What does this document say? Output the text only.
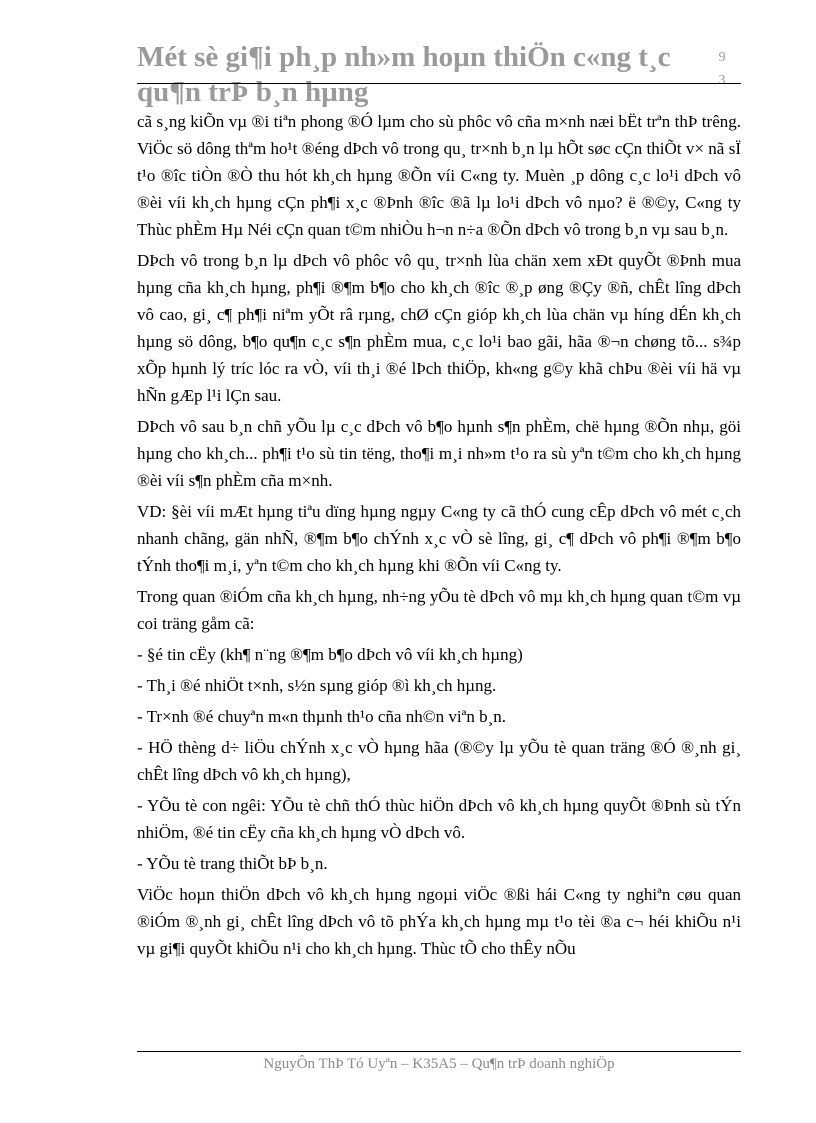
Mét sè gi¶i ph¸p nh»m hoµn thiÖn c«ng t¸c qu¶n trÞ b¸n hµng
9
3

cã s¸ng kiÕn vµ ®i tiªn phong ®Ó lµm cho sù phôc vô cña m×nh næi bËt trªn thÞ trêng. ViÖc sö dông thªm ho¹t ®éng dÞch vô trong qu¸ tr×nh b¸n lµ hÕt søc cÇn thiÕt v× nã sÏ t¹o ®îc tiÒn ®Ò thu hót kh¸ch hµng ®Õn víi C«ng ty. Muèn ¸p dông c¸c lo¹i dÞch vô ®èi víi kh¸ch hµng cÇn ph¶i x¸c ®Þnh ®îc ®ã lµ lo¹i dÞch vô nµo? ë ®©y, C«ng ty Thùc phÈm Hµ Néi cÇn quan t©m nhiÒu h¬n n÷a ®Õn dÞch vô trong b¸n vµ sau b¸n.

DÞch vô trong b¸n lµ dÞch vô phôc vô qu¸ tr×nh lùa chän xem xÐt quyÕt ®Þnh mua hµng cña kh¸ch hµng, ph¶i ®¶m b¶o cho kh¸ch ®îc ®¸p øng ®Çy ®ñ, chÊt lîng dÞch vô cao, gi¸ c¶ ph¶i niªm yÕt râ rµng, chØ cÇn gióp kh¸ch lùa chän vµ híng dÉn kh¸ch hµng sö dông, b¶o qu¶n c¸c s¶n phÈm mua, c¸c lo¹i bao gãi, hãa ®¬n chøng tõ... s¾p xÕp hµnh lý tríc lóc ra vÒ, víi th¸i ®é lÞch thiÖp, kh«ng g©y khã chÞu ®èi víi hä vµ hÑn gÆp l¹i lÇn sau.

DÞch vô sau b¸n chñ yÕu lµ c¸c dÞch vô b¶o hµnh s¶n phÈm, chë hµng ®Õn nhµ, göi hµng cho kh¸ch... ph¶i t¹o sù tin tëng, tho¶i m¸i nh»m t¹o ra sù yªn t©m cho kh¸ch hµng ®èi víi s¶n phÈm cña m×nh.

VD: §èi víi mÆt hµng tiªu dïng hµng ngµy C«ng ty cã thÓ cung cÊp dÞch vô mét c¸ch nhanh chãng, gän nhÑ, ®¶m b¶o chÝnh x¸c vÒ sè lîng, gi¸ c¶ dÞch vô ph¶i ®¶m b¶o tÝnh tho¶i m¸i, yªn t©m cho kh¸ch hµng khi ®Õn víi C«ng ty.

Trong quan ®iÓm cña kh¸ch hµng, nh÷ng yÕu tè dÞch vô mµ kh¸ch hµng quan t©m vµ coi träng gåm cã:

- §é tin cËy (kh¶ n¨ng ®¶m b¶o dÞch vô víi kh¸ch hµng)

- Th¸i ®é nhiÖt t×nh, s½n sµng gióp ®ì kh¸ch hµng.

- Tr×nh ®é chuyªn m«n thµnh th¹o cña nh©n viªn b¸n.

- HÖ thèng d÷ liÖu chÝnh x¸c vÒ hµng hãa (®©y lµ yÕu tè quan träng ®Ó ®¸nh gi¸ chÊt lîng dÞch vô kh¸ch hµng),

- YÕu tè con ngêi: YÕu tè chñ thÓ thùc hiÖn dÞch vô kh¸ch hµng quyÕt ®Þnh sù tÝn nhiÖm, ®é tin cËy cña kh¸ch hµng vÒ dÞch vô.

- YÕu tè trang thiÕt bÞ b¸n.

ViÖc hoµn thiÖn dÞch vô kh¸ch hµng ngoµi viÖc ®ßi hái C«ng ty nghiªn cøu quan ®iÓm ®¸nh gi¸ chÊt lîng dÞch vô tõ phÝa kh¸ch hµng mµ t¹o tèi ®a c¬ héi khiÕu n¹i vµ gi¶i quyÕt khiÕu n¹i cho kh¸ch hµng. Thùc tÕ cho thÊy nÕu

NguyÔn ThÞ Tó Uyªn – K35A5 – Qu¶n trÞ doanh nghiÖp
